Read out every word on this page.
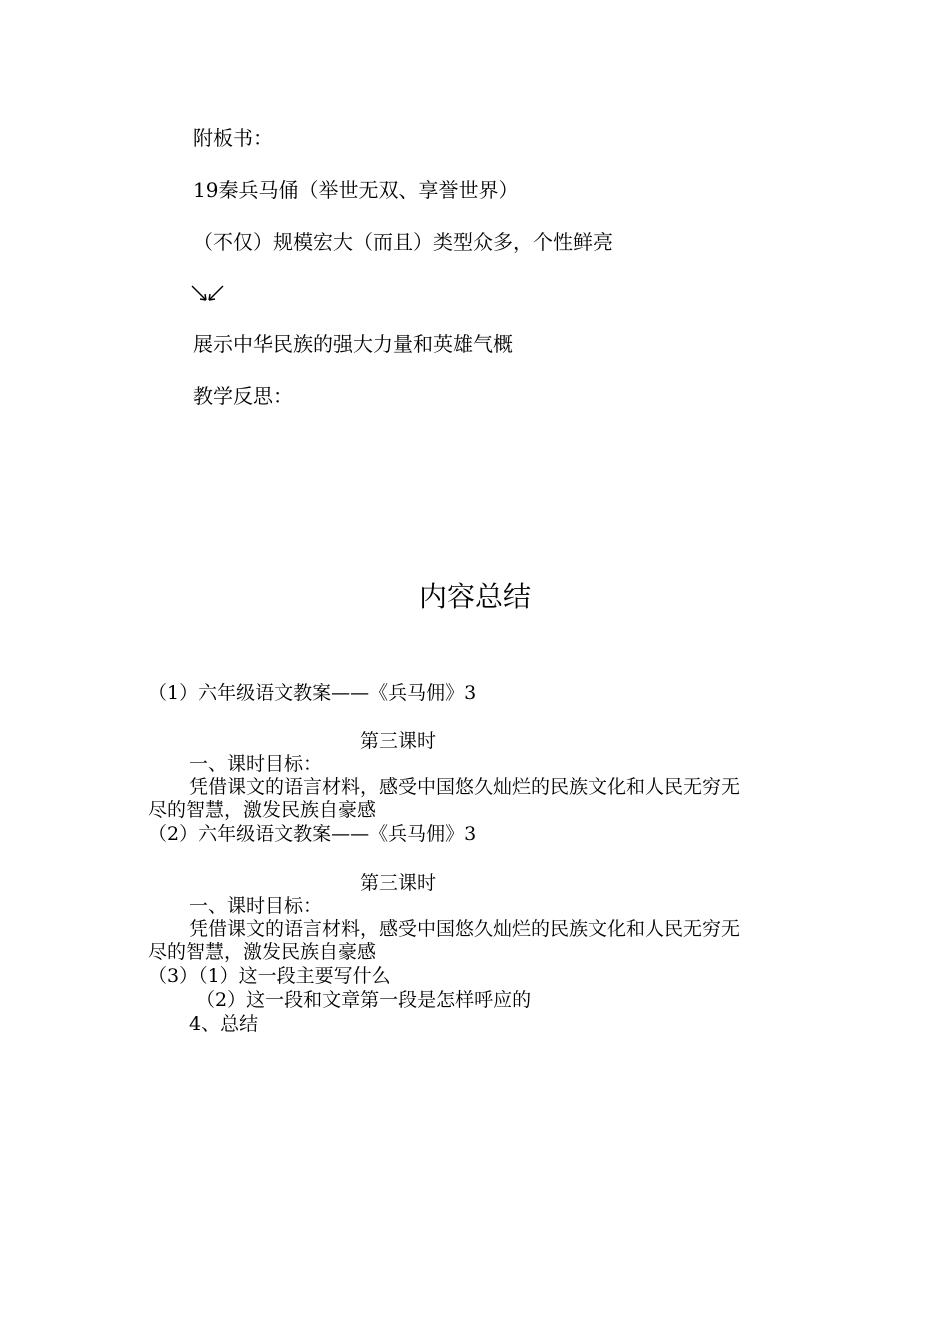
附板书：
19秦兵马俑（举世无双、享誉世界）
（不仅）规模宏大（而且）类型众多，个性鲜亮
展示中华民族的强大力量和英雄气概
教学反思：
内容总结
（1）六年级语文教案——《兵马佣》3
第三课时
一、课时目标：
凭借课文的语言材料，感受中国悠久灿烂的民族文化和人民无穷无
尽的智慧，激发民族自豪感
（2）六年级语文教案——《兵马佣》3
第三课时
一、课时目标：
凭借课文的语言材料，感受中国悠久灿烂的民族文化和人民无穷无
尽的智慧，激发民族自豪感
（3）（1）这一段主要写什么
（2）这一段和文章第一段是怎样呼应的
4、总结
